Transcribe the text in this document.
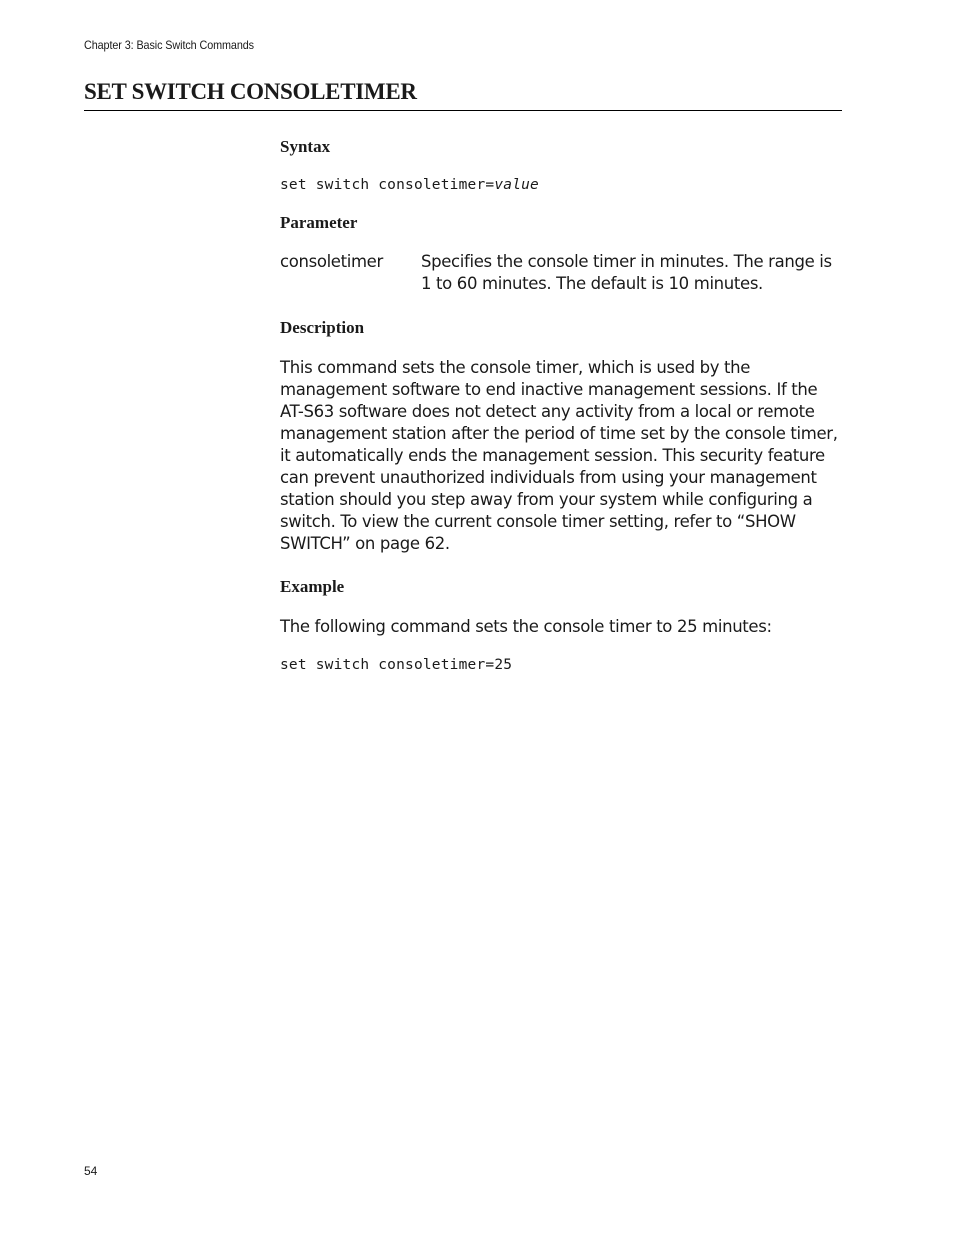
Chapter 3: Basic Switch Commands
SET SWITCH CONSOLETIMER
Syntax
set switch consoletimer=value
Parameter
consoletimer	Specifies the console timer in minutes. The range is 1 to 60 minutes. The default is 10 minutes.
Description

This command sets the console timer, which is used by the management software to end inactive management sessions. If the AT-S63 software does not detect any activity from a local or remote management station after the period of time set by the console timer, it automatically ends the management session. This security feature can prevent unauthorized individuals from using your management station should you step away from your system while configuring a switch. To view the current console timer setting, refer to “SHOW SWITCH” on page 62.

Example

The following command sets the console timer to 25 minutes:

set switch consoletimer=25
54
